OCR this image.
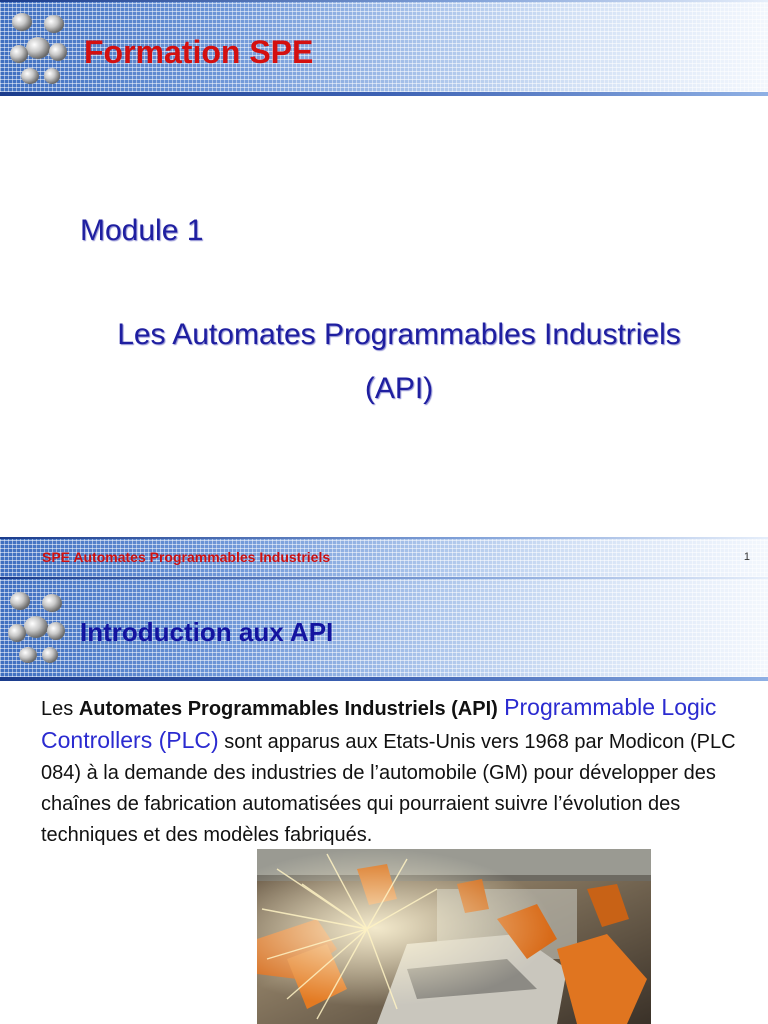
Formation SPE
Module 1
Les Automates Programmables Industriels
(API)
SPE Automates Programmables Industriels	1
Introduction aux API
Les Automates Programmables Industriels (API) Programmable Logic Controllers (PLC) sont apparus aux Etats-Unis vers 1968 par Modicon (PLC 084) à la demande des industries de l’automobile (GM) pour développer des chaînes de fabrication automatisées qui pourraient suivre l’évolution des techniques et des modèles fabriqués.
